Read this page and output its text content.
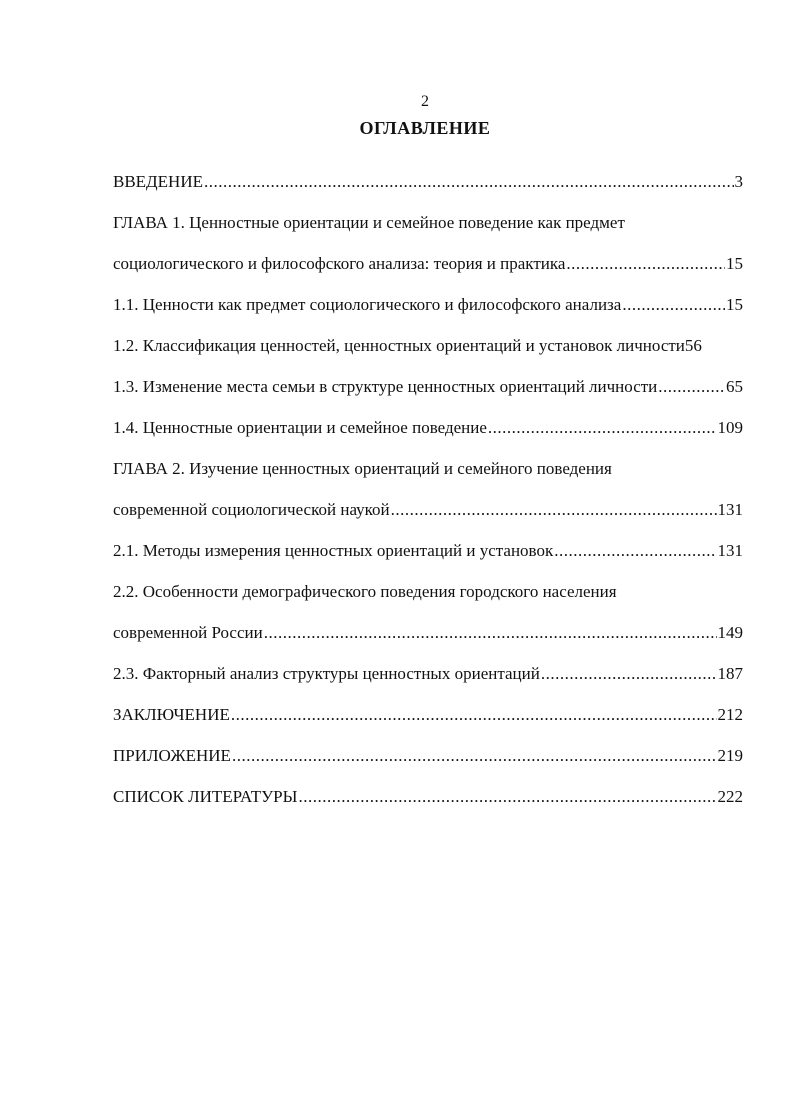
2
ОГЛАВЛЕНИЕ
ВВЕДЕНИЕ .....	3
ГЛАВА 1. Ценностные ориентации и семейное поведение как предмет
социологического и философского анализа: теория и практика .....	15
1.1. Ценности как предмет социологического и философского анализа .....	15
1.2. Классификация ценностей, ценностных ориентаций и установок личности 56
1.3. Изменение места семьи в структуре ценностных ориентаций личности .....	65
1.4. Ценностные ориентации и семейное поведение .....	109
ГЛАВА 2. Изучение ценностных ориентаций и семейного поведения
современной социологической наукой .....	131
2.1. Методы измерения ценностных ориентаций и установок .....	131
2.2. Особенности демографического поведения городского населения
современной России .....	149
2.3. Факторный анализ структуры ценностных ориентаций .....	187
ЗАКЛЮЧЕНИЕ .....	212
ПРИЛОЖЕНИЕ .....	219
СПИСОК ЛИТЕРАТУРЫ .....	222
